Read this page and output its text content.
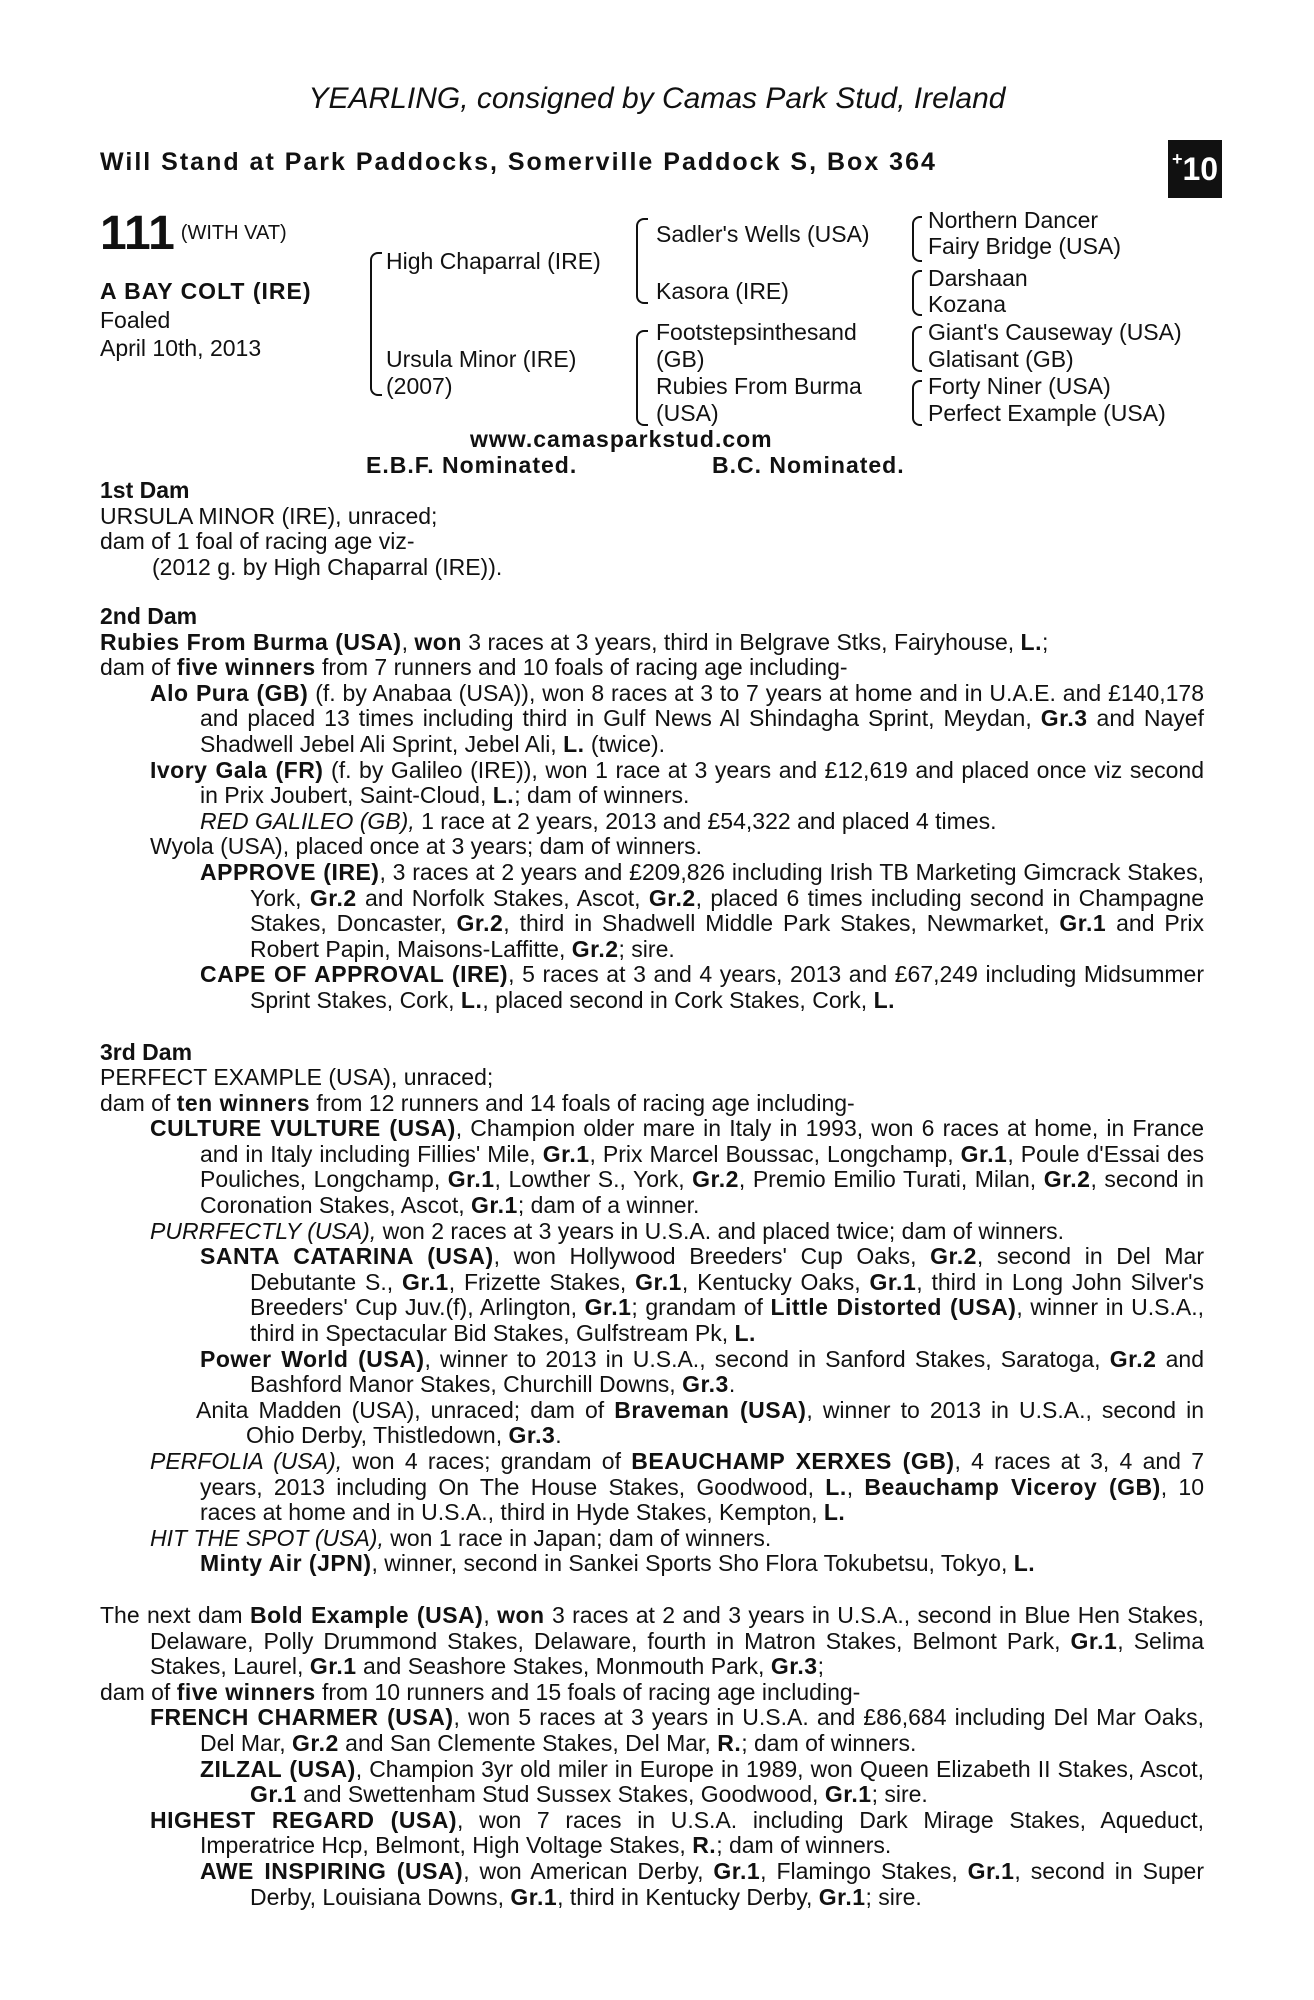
YEARLING, consigned by Camas Park Stud, Ireland
Will Stand at Park Paddocks, Somerville Paddock S, Box 364	+ 10
111 $^{(WITH VAT)}$
A BAY COLT (IRE)
Foaled
April 10th, 2013
High Chaparral (IRE)
Ursula Minor (IRE)
(2007)
Sadler's Wells (USA)
Kasora (IRE)
Footstepsinthesand
(GB)
Rubies From Burma
(USA)
Northern Dancer
Fairy Bridge (USA)
Darshaan
Kozana
Giant's Causeway (USA)
Glatisant (GB)
Forty Niner (USA)
Perfect Example (USA)
www.camasparkstud.com
E.B.F. Nominated.	B.C. Nominated.
1st Dam
URSULA MINOR (IRE), unraced;
dam of 1 foal of racing age viz-
(2012 g. by High Chaparral (IRE)).

2nd Dam

Rubies From Burma (USA), won 3 races at 3 years, third in Belgrave Stks, Fairyhouse, L.;

dam of five winners from 7 runners and 10 foals of racing age including-

Alo Pura (GB) (f. by Anabaa (USA)), won 8 races at 3 to 7 years at home and in U.A.E. and £140,178 and placed 13 times including third in Gulf News Al Shindagha Sprint, Meydan, Gr.3 and Nayef Shadwell Jebel Ali Sprint, Jebel Ali, L. (twice).

Ivory Gala (FR) (f. by Galileo (IRE)), won 1 race at 3 years and £12,619 and placed once viz second in Prix Joubert, Saint-Cloud, L.; dam of winners.

RED GALILEO (GB), 1 race at 2 years, 2013 and £54,322 and placed 4 times.

Wyola (USA), placed once at 3 years; dam of winners.

APPROVE (IRE), 3 races at 2 years and £209,826 including Irish TB Marketing Gimcrack Stakes, York, Gr.2 and Norfolk Stakes, Ascot, Gr.2, placed 6 times including second in Champagne Stakes, Doncaster, Gr.2, third in Shadwell Middle Park Stakes, Newmarket, Gr.1 and Prix Robert Papin, Maisons-Laffitte, Gr.2; sire.

CAPE OF APPROVAL (IRE), 5 races at 3 and 4 years, 2013 and £67,249 including Midsummer Sprint Stakes, Cork, L., placed second in Cork Stakes, Cork, L.

3rd Dam

PERFECT EXAMPLE (USA), unraced;

dam of ten winners from 12 runners and 14 foals of racing age including-

CULTURE VULTURE (USA), Champion older mare in Italy in 1993, won 6 races at home, in France and in Italy including Fillies' Mile, Gr.1, Prix Marcel Boussac, Longchamp, Gr.1, Poule d'Essai des Pouliches, Longchamp, Gr.1, Lowther S., York, Gr.2, Premio Emilio Turati, Milan, Gr.2, second in Coronation Stakes, Ascot, Gr.1; dam of a winner.

PURRFECTLY (USA), won 2 races at 3 years in U.S.A. and placed twice; dam of winners.

SANTA CATARINA (USA), won Hollywood Breeders' Cup Oaks, Gr.2, second in Del Mar Debutante S., Gr.1, Frizette Stakes, Gr.1, Kentucky Oaks, Gr.1, third in Long John Silver's Breeders' Cup Juv.(f), Arlington, Gr.1; grandam of Little Distorted (USA), winner in U.S.A., third in Spectacular Bid Stakes, Gulfstream Pk, L.

Power World (USA), winner to 2013 in U.S.A., second in Sanford Stakes, Saratoga, Gr.2 and Bashford Manor Stakes, Churchill Downs, Gr.3.

Anita Madden (USA), unraced; dam of Braveman (USA), winner to 2013 in U.S.A., second in Ohio Derby, Thistledown, Gr.3.

PERFOLIA (USA), won 4 races; grandam of BEAUCHAMP XERXES (GB), 4 races at 3, 4 and 7 years, 2013 including On The House Stakes, Goodwood, L., Beauchamp Viceroy (GB), 10 races at home and in U.S.A., third in Hyde Stakes, Kempton, L.

HIT THE SPOT (USA), won 1 race in Japan; dam of winners.

Minty Air (JPN), winner, second in Sankei Sports Sho Flora Tokubetsu, Tokyo, L.

The next dam Bold Example (USA), won 3 races at 2 and 3 years in U.S.A., second in Blue Hen Stakes, Delaware, Polly Drummond Stakes, Delaware, fourth in Matron Stakes, Belmont Park, Gr.1, Selima Stakes, Laurel, Gr.1 and Seashore Stakes, Monmouth Park, Gr.3;

dam of five winners from 10 runners and 15 foals of racing age including-

FRENCH CHARMER (USA), won 5 races at 3 years in U.S.A. and £86,684 including Del Mar Oaks, Del Mar, Gr.2 and San Clemente Stakes, Del Mar, R.; dam of winners.

ZILZAL (USA), Champion 3yr old miler in Europe in 1989, won Queen Elizabeth II Stakes, Ascot, Gr.1 and Swettenham Stud Sussex Stakes, Goodwood, Gr.1; sire.

HIGHEST REGARD (USA), won 7 races in U.S.A. including Dark Mirage Stakes, Aqueduct, Imperatrice Hcp, Belmont, High Voltage Stakes, R.; dam of winners.

AWE INSPIRING (USA), won American Derby, Gr.1, Flamingo Stakes, Gr.1, second in Super Derby, Louisiana Downs, Gr.1, third in Kentucky Derby, Gr.1; sire.
